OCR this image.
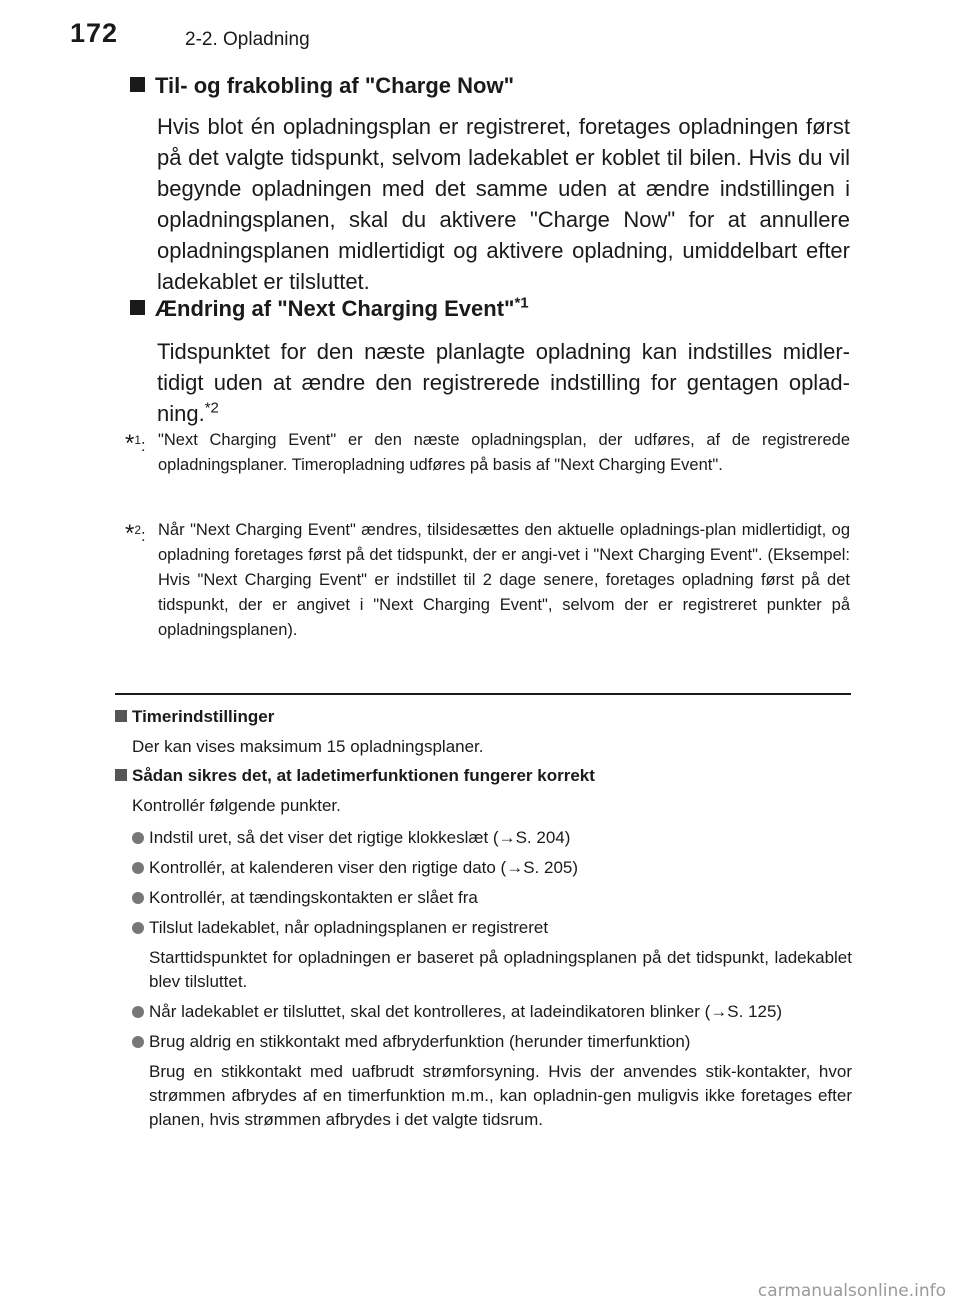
172	2-2. Opladning
Til- og frakobling af "Charge Now"
Hvis blot én opladningsplan er registreret, foretages opladningen først på det valgte tidspunkt, selvom ladekablet er koblet til bilen. Hvis du vil begynde opladningen med det samme uden at ændre indstillingen i opladningsplanen, skal du aktivere "Charge Now" for at annullere opladningsplanen midlertidigt og aktivere opladning, umiddelbart efter ladekablet er tilsluttet.
Ændring af "Next Charging Event"$^{*1}$
Tidspunktet for den næste planlagte opladning kan indstilles midler-tidigt uden at ændre den registrerede indstilling for gentagen oplad-ning.$^{*2}$
*$^1$: "Next Charging Event" er den næste opladningsplan, der udføres, af de registrerede opladningsplaner. Timeropladning udføres på basis af "Next Charging Event".
*$^2$: Når "Next Charging Event" ændres, tilsidesættes den aktuelle opladnings-plan midlertidigt, og opladning foretages først på det tidspunkt, der er angi-vet i "Next Charging Event". (Eksempel: Hvis "Next Charging Event" er indstillet til 2 dage senere, foretages opladning først på det tidspunkt, der er angivet i "Next Charging Event", selvom der er registreret punkter på opladningsplanen).
Timerindstillinger
Der kan vises maksimum 15 opladningsplaner.
Sådan sikres det, at ladetimerfunktionen fungerer korrekt
Kontrollér følgende punkter.
Indstil uret, så det viser det rigtige klokkeslæt (→S. 204)
Kontrollér, at kalenderen viser den rigtige dato (→S. 205)
Kontrollér, at tændingskontakten er slået fra
Tilslut ladekablet, når opladningsplanen er registreret
Starttidspunktet for opladningen er baseret på opladningsplanen på det tidspunkt, ladekablet blev tilsluttet.
Når ladekablet er tilsluttet, skal det kontrolleres, at ladeindikatoren blinker (→S. 125)
Brug aldrig en stikkontakt med afbryderfunktion (herunder timerfunktion)
Brug en stikkontakt med uafbrudt strømforsyning. Hvis der anvendes stik-kontakter, hvor strømmen afbrydes af en timerfunktion m.m., kan opladnin-gen muligvis ikke foretages efter planen, hvis strømmen afbrydes i det valgte tidsrum.
carmanualsonline.info
